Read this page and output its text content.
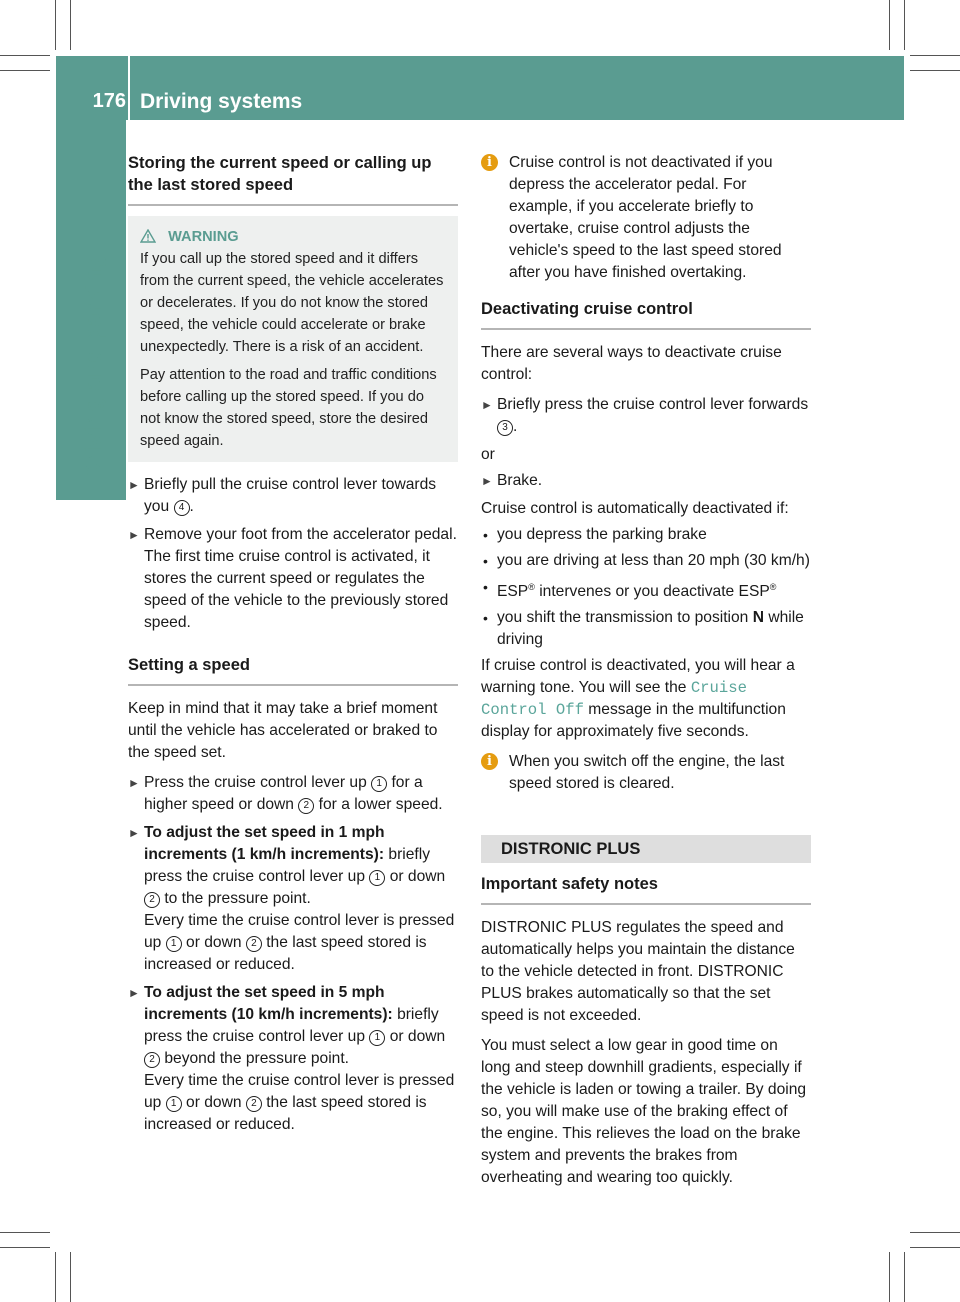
176 Driving systems
Driving and parking
Storing the current speed or calling up the last stored speed
WARNING

If you call up the stored speed and it differs from the current speed, the vehicle accelerates or decelerates. If you do not know the stored speed, the vehicle could accelerate or brake unexpectedly. There is a risk of an accident.

Pay attention to the road and traffic conditions before calling up the stored speed. If you do not know the stored speed, store the desired speed again.

► Briefly pull the cruise control lever towards you 4 .
► Remove your foot from the accelerator pedal.
The first time cruise control is activated, it stores the current speed or regulates the speed of the vehicle to the previously stored speed.
Setting a speed

Keep in mind that it may take a brief moment until the vehicle has accelerated or braked to the speed set.

► Press the cruise control lever up 1 for a higher speed or down 2 for a lower speed.
► To adjust the set speed in 1 mph increments (1 km/h increments): briefly press the cruise control lever up 1 or down 2 to the pressure point.
Every time the cruise control lever is pressed up 1 or down 2 the last speed stored is increased or reduced.
► To adjust the set speed in 5 mph increments (10 km/h increments): briefly press the cruise control lever up 1 or down 2 beyond the pressure point.
Every time the cruise control lever is pressed up 1 or down 2 the last speed stored is increased or reduced.
i	Cruise control is not deactivated if you depress the accelerator pedal. For example, if you accelerate briefly to overtake, cruise control adjusts the vehicle's speed to the last speed stored after you have finished overtaking.
Deactivating cruise control

There are several ways to deactivate cruise control:

► Briefly press the cruise control lever forwards 3 .

or

► Brake.

Cruise control is automatically deactivated if:

• you depress the parking brake
• you are driving at less than 20 mph (30 km/h)
• ESP® intervenes or you deactivate ESP®
• you shift the transmission to position N while driving

If cruise control is deactivated, you will hear a warning tone. You will see the Cruise Control Off message in the multifunction display for approximately five seconds.

i	When you switch off the engine, the last speed stored is cleared.
DISTRONIC PLUS
Important safety notes

DISTRONIC PLUS regulates the speed and automatically helps you maintain the distance to the vehicle detected in front. DISTRONIC PLUS brakes automatically so that the set speed is not exceeded.

You must select a low gear in good time on long and steep downhill gradients, especially if the vehicle is laden or towing a trailer. By doing so, you will make use of the braking effect of the engine. This relieves the load on the brake system and prevents the brakes from overheating and wearing too quickly.
